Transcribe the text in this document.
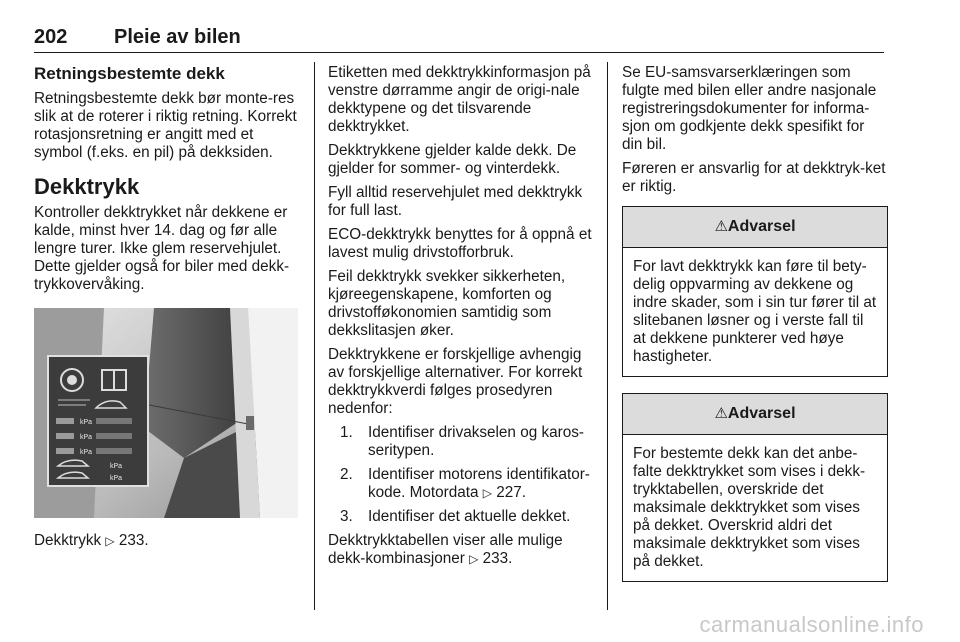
202 Pleie av bilen
Retningsbestemte dekk

Retningsbestemte dekk bør monte-res slik at de roterer i riktig retning. Korrekt rotasjonsretning er angitt med et symbol (f.eks. en pil) på dekksiden.

Dekktrykk

Kontroller dekktrykket når dekkene er kalde, minst hver 14. dag og før alle lengre turer. Ikke glem reservehjulet. Dette gjelder også for biler med dekk-trykkovervåking.

kPa
kPa
kPa
kPa
kPa

Dekktrykk ▷ 233.

Etiketten med dekktrykkinformasjon på venstre dørramme angir de origi-nale dekktypene og det tilsvarende dekktrykket.

Dekktrykkene gjelder kalde dekk. De gjelder for sommer- og vinterdekk.

Fyll alltid reservehjulet med dekktrykk for full last.

ECO-dekktrykk benyttes for å oppnå et lavest mulig drivstofforbruk.

Feil dekktrykk svekker sikkerheten, kjøreegenskapene, komforten og drivstofføkonomien samtidig som dekkslitasjen øker.

Dekktrykkene er forskjellige avhengig av forskjellige alternativer. For korrekt dekktrykkverdi følges prosedyren nedenfor:

1. Identifiser drivakselen og karos-seritypen.
2. Identifiser motorens identifikator-kode. Motordata ▷ 227.
3. Identifiser det aktuelle dekket.

Dekktrykktabellen viser alle mulige dekk-kombinasjoner ▷ 233.

Se EU-samsvarserklæringen som fulgte med bilen eller andre nasjonale registreringsdokumenter for informa-sjon om godkjente dekk spesifikt for din bil.

Føreren er ansvarlig for at dekktryk-ket er riktig.

⚠Advarsel
For lavt dekktrykk kan føre til bety-delig oppvarming av dekkene og indre skader, som i sin tur fører til at slitebanen løsner og i verste fall til at dekkene punkterer ved høye hastigheter.
⚠Advarsel
For bestemte dekk kan det anbe-falte dekktrykket som vises i dekk-trykktabellen, overskride det maksimale dekktrykket som vises på dekket. Overskrid aldri det maksimale dekktrykket som vises på dekket.
carmanualsonline.info
